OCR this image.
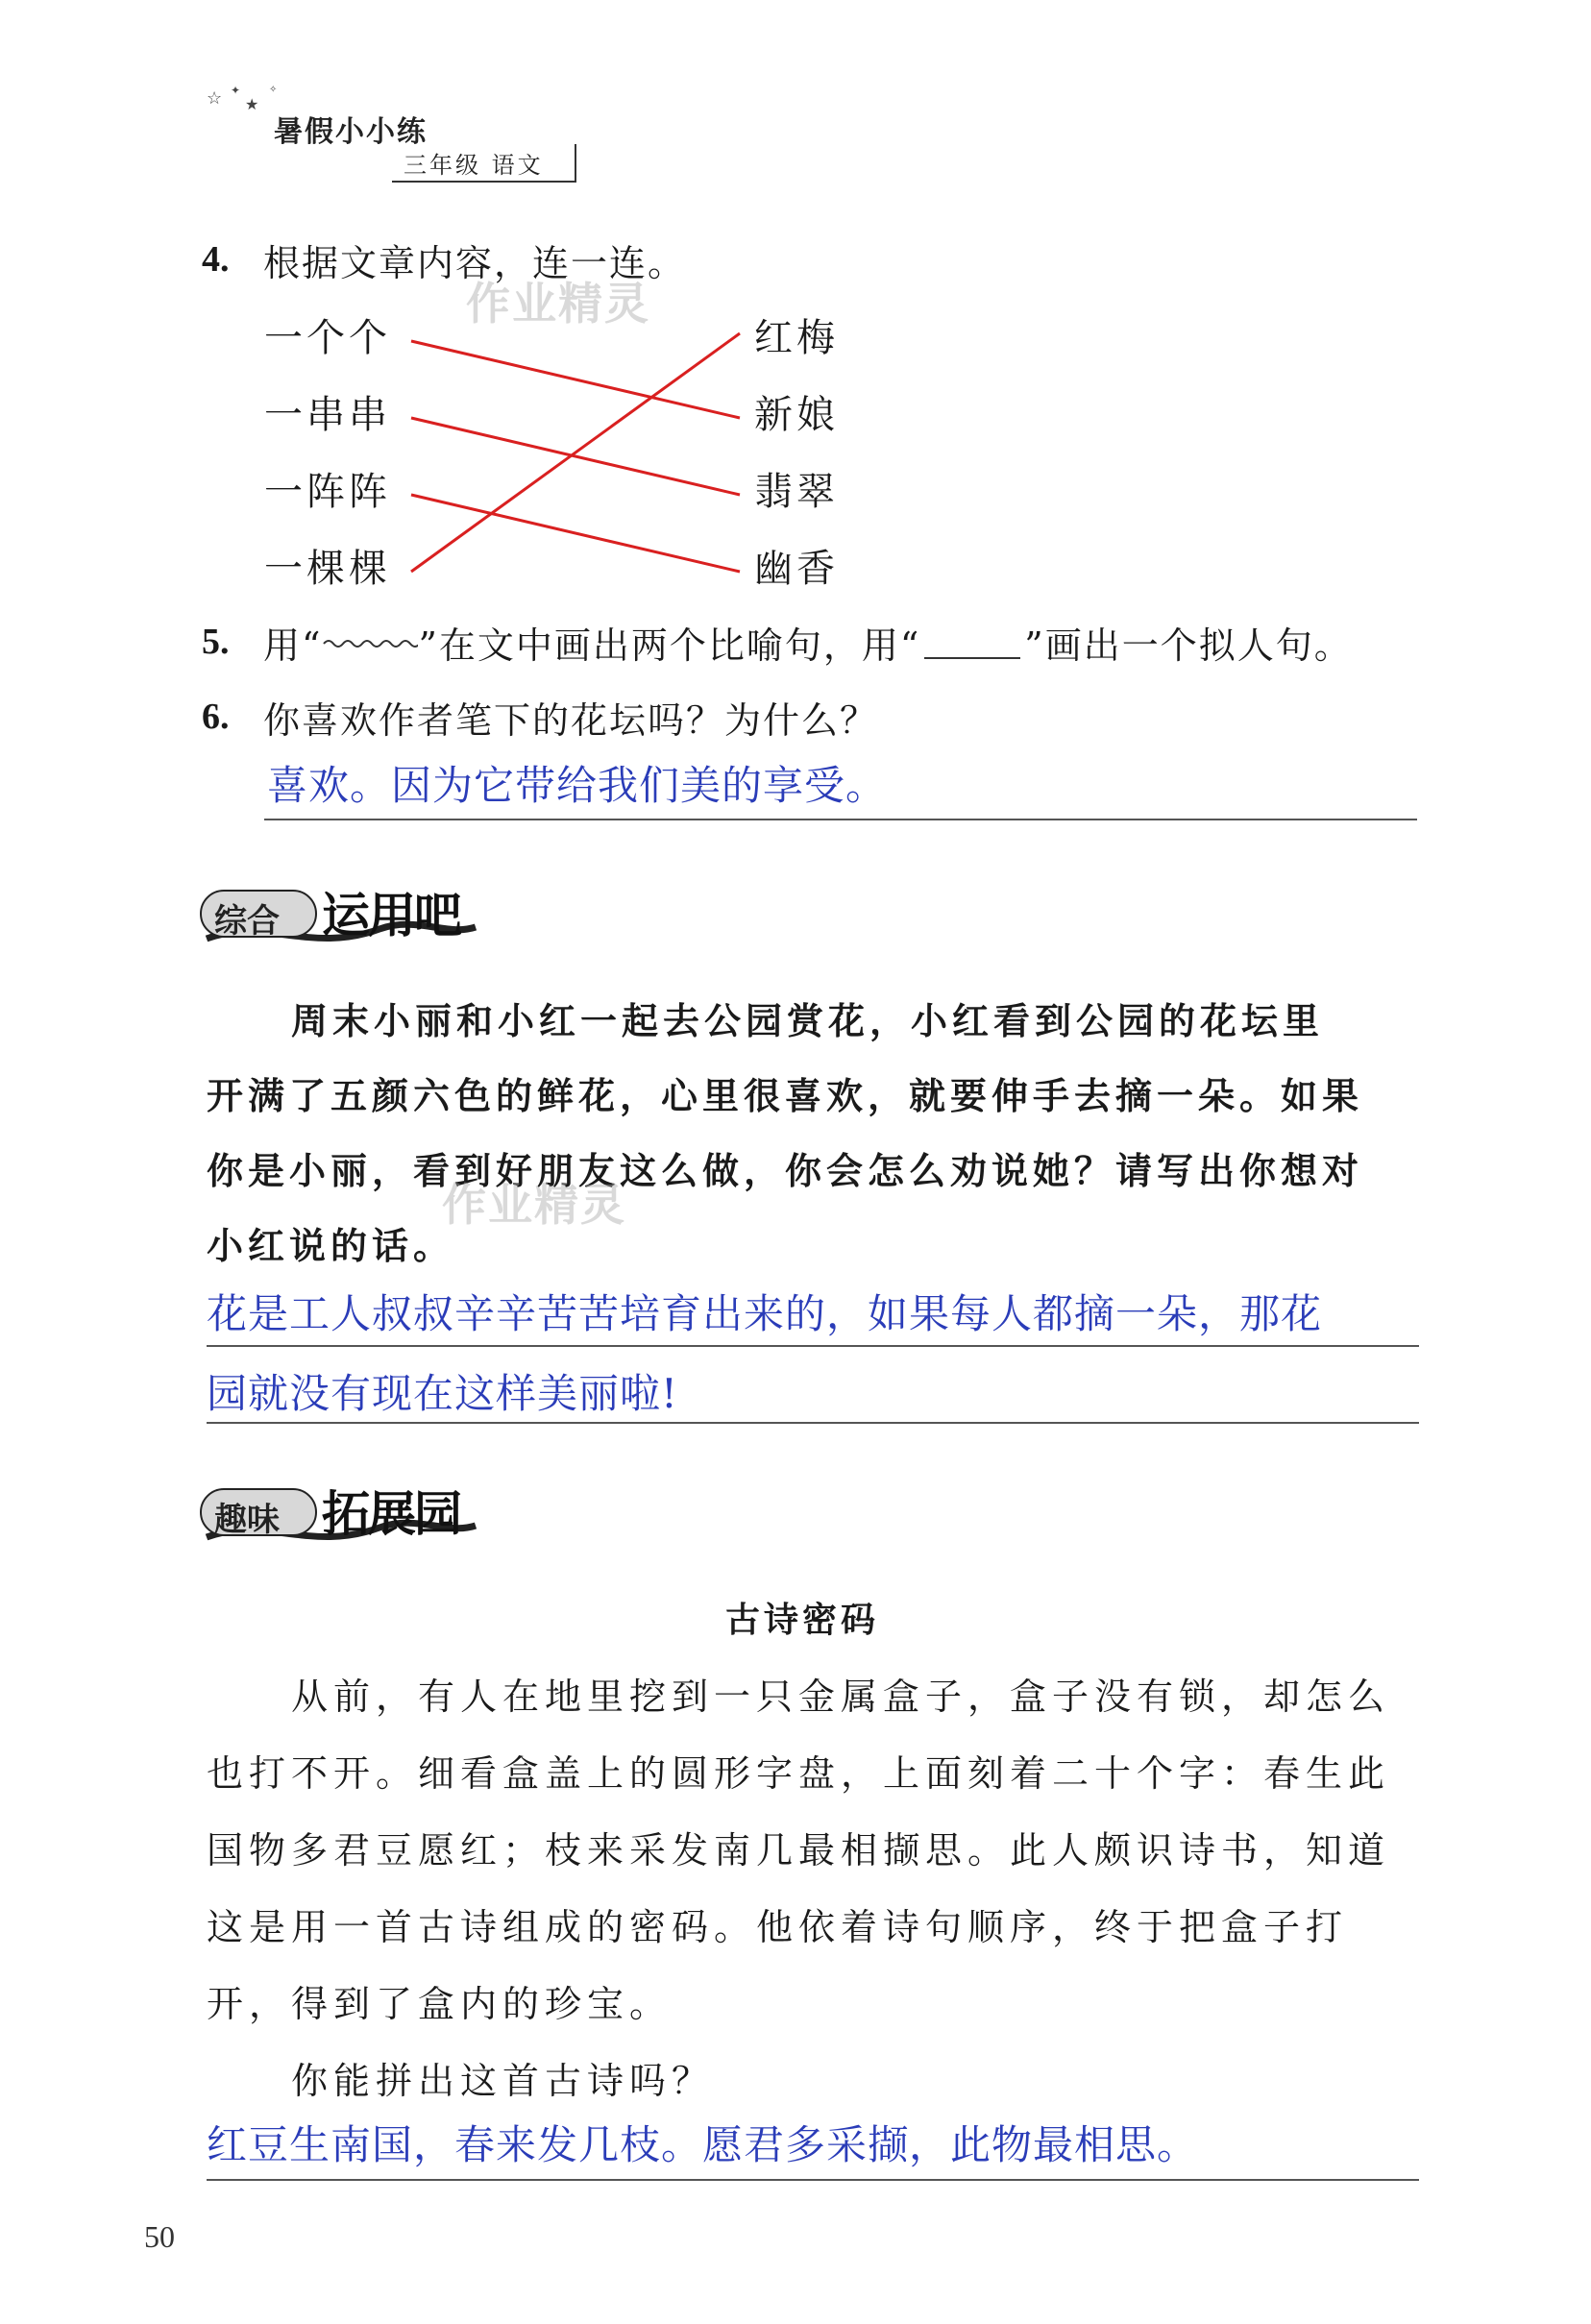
☆ ✦
★
✧
暑假小小练
三年级 语文
4. 根据文章内容，连一连。
一个个
一串串
一阵阵
一棵棵
红梅
新娘
翡翠
幽香
作业精灵
5. 用“	”在文中画出两个比喻句，用“	”画出一个拟人句。
6. 你喜欢作者笔下的花坛吗？为什么？
喜欢。因为它带给我们美的享受。
综合 运用吧
周末小丽和小红一起去公园赏花，小红看到公园的花坛里
开满了五颜六色的鲜花，心里很喜欢，就要伸手去摘一朵。如果
你是小丽，看到好朋友这么做，你会怎么劝说她？请写出你想对
小红说的话。
作业精灵
花是工人叔叔辛辛苦苦培育出来的，如果每人都摘一朵，那花
园就没有现在这样美丽啦!
趣味 拓展园
古诗密码
从前，有人在地里挖到一只金属盒子，盒子没有锁，却怎么
也打不开。细看盒盖上的圆形字盘，上面刻着二十个字：春生此
国物多君豆愿红；枝来采发南几最相撷思。此人颇识诗书，知道
这是用一首古诗组成的密码。他依着诗句顺序，终于把盒子打
开，得到了盒内的珍宝。
你能拼出这首古诗吗？
红豆生南国，春来发几枝。愿君多采撷，此物最相思。
50
